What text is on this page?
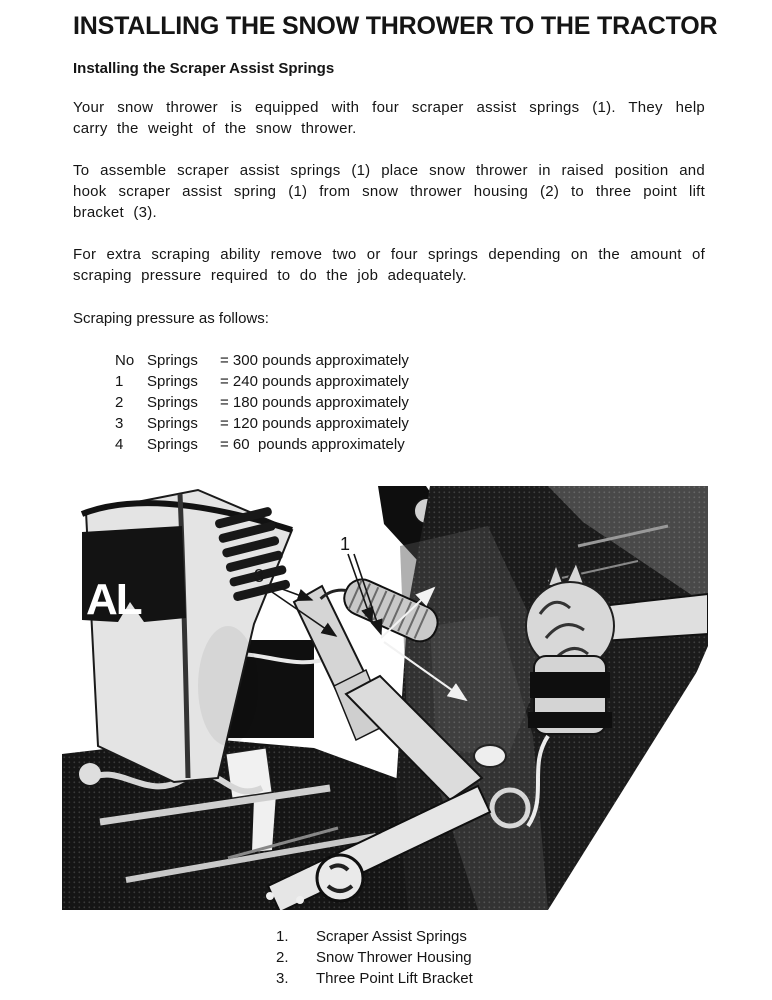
INSTALLING THE SNOW THROWER TO THE TRACTOR
Installing the Scraper Assist Springs

Your snow thrower is equipped with four scraper assist springs (1). They help carry the weight of the snow thrower.

To assemble scraper assist springs (1) place snow thrower in raised position and hook scraper assist spring (1) from snow thrower housing (2) to three point lift bracket (3).

For extra scraping ability remove two or four springs depending on the amount of scraping pressure required to do the job adequately.

Scraping pressure as follows:

No Springs	= 300 pounds approximately
1	Springs	= 240 pounds approximately
2	Springs	= 180 pounds approximately
3	Springs	= 120 pounds approximately
4	Springs	= 60  pounds approximately
AL	3
1
1.	Scraper Assist Springs
2.	Snow Thrower Housing
3.	Three Point Lift Bracket
